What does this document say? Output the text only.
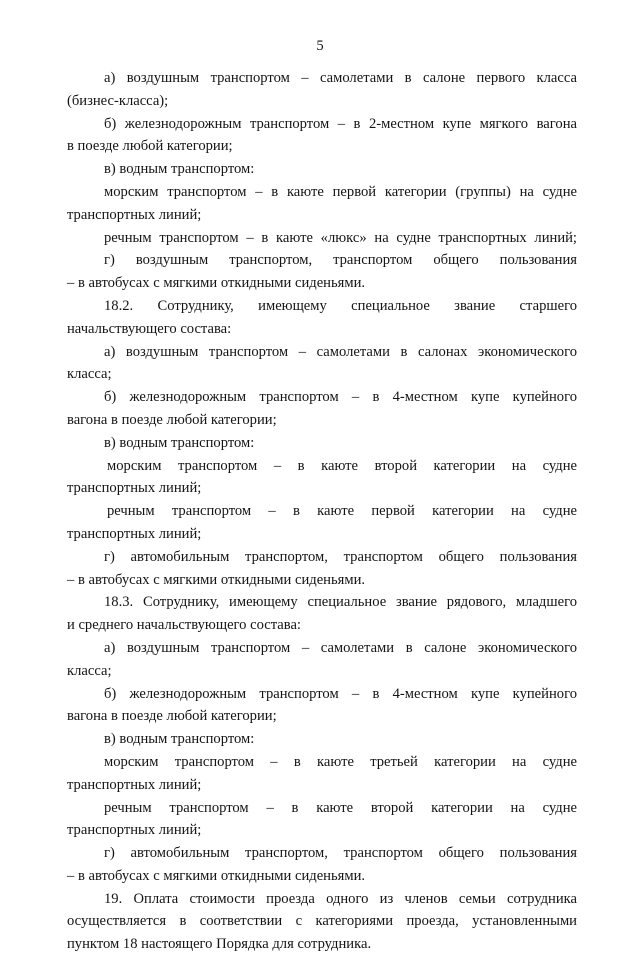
5
а) воздушным транспортом – самолетами в салоне первого класса
(бизнес-класса);
б) железнодорожным транспортом – в 2-местном купе мягкого вагона
в поезде любой категории;
в) водным транспортом:
морским транспортом – в каюте первой категории (группы) на судне
транспортных линий;
речным транспортом – в каюте «люкс» на судне транспортных линий;
г) воздушным транспортом, транспортом общего пользования
– в автобусах с мягкими откидными сиденьями.
18.2. Сотруднику, имеющему специальное звание старшего
начальствующего состава:
а) воздушным транспортом – самолетами в салонах экономического
класса;
б) железнодорожным транспортом – в 4-местном купе купейного
вагона в поезде любой категории;
в) водным транспортом:
морским транспортом – в каюте второй категории на судне
транспортных линий;
речным транспортом – в каюте первой категории на судне
транспортных линий;
г) автомобильным транспортом, транспортом общего пользования
– в автобусах с мягкими откидными сиденьями.
18.3. Сотруднику, имеющему специальное звание рядового, младшего
и среднего начальствующего состава:
а) воздушным транспортом – самолетами в салоне экономического
класса;
б) железнодорожным транспортом – в 4-местном купе купейного
вагона в поезде любой категории;
в) водным транспортом:
морским транспортом – в каюте третьей категории на судне
транспортных линий;
речным транспортом – в каюте второй категории на судне
транспортных линий;
г) автомобильным транспортом, транспортом общего пользования
– в автобусах с мягкими откидными сиденьями.
19. Оплата стоимости проезда одного из членов семьи сотрудника
осуществляется в соответствии с категориями проезда, установленными
пунктом 18 настоящего Порядка для сотрудника.
